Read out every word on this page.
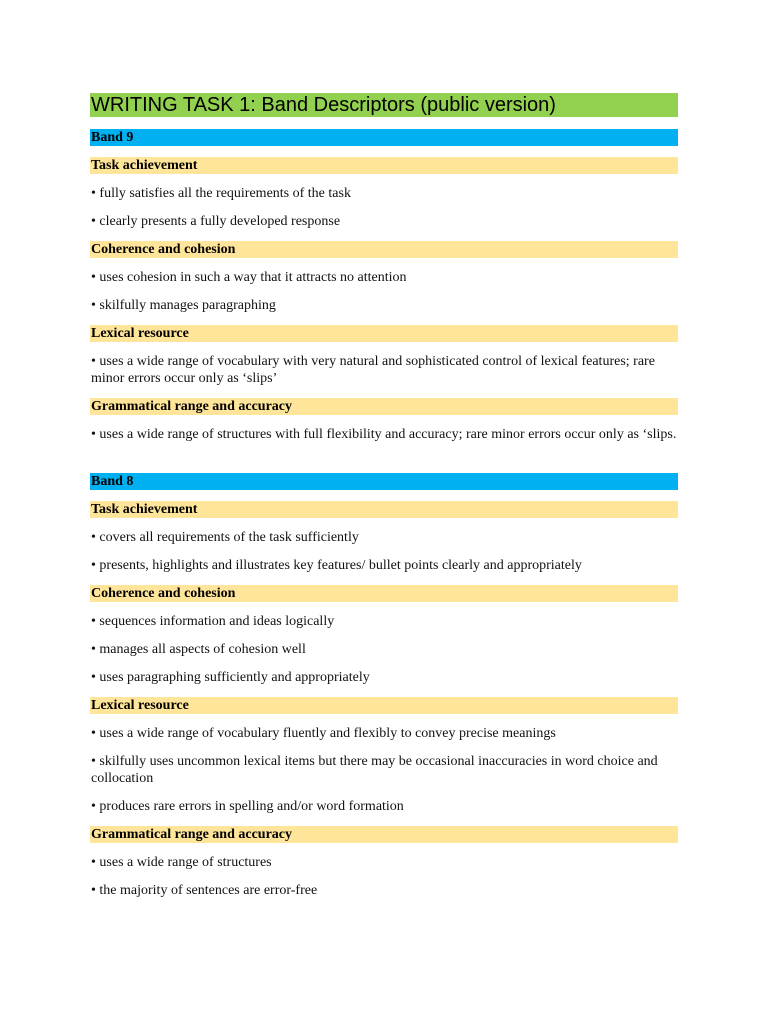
WRITING TASK 1: Band Descriptors (public version)
Band 9
Task achievement
• fully satisfies all the requirements of the task
• clearly presents a fully developed response
Coherence and cohesion
• uses cohesion in such a way that it attracts no attention
• skilfully manages paragraphing
Lexical resource
• uses a wide range of vocabulary with very natural and sophisticated control of lexical features; rare minor errors occur only as ‘slips’
Grammatical range and accuracy
• uses a wide range of structures with full flexibility and accuracy; rare minor errors occur only as ‘slips.
Band 8
Task achievement
• covers all requirements of the task sufficiently
• presents, highlights and illustrates key features/ bullet points clearly and appropriately
Coherence and cohesion
• sequences information and ideas logically
• manages all aspects of cohesion well
• uses paragraphing sufficiently and appropriately
Lexical resource
• uses a wide range of vocabulary fluently and flexibly to convey precise meanings
• skilfully uses uncommon lexical items but there may be occasional inaccuracies in word choice and collocation
• produces rare errors in spelling and/or word formation
Grammatical range and accuracy
• uses a wide range of structures
• the majority of sentences are error-free
